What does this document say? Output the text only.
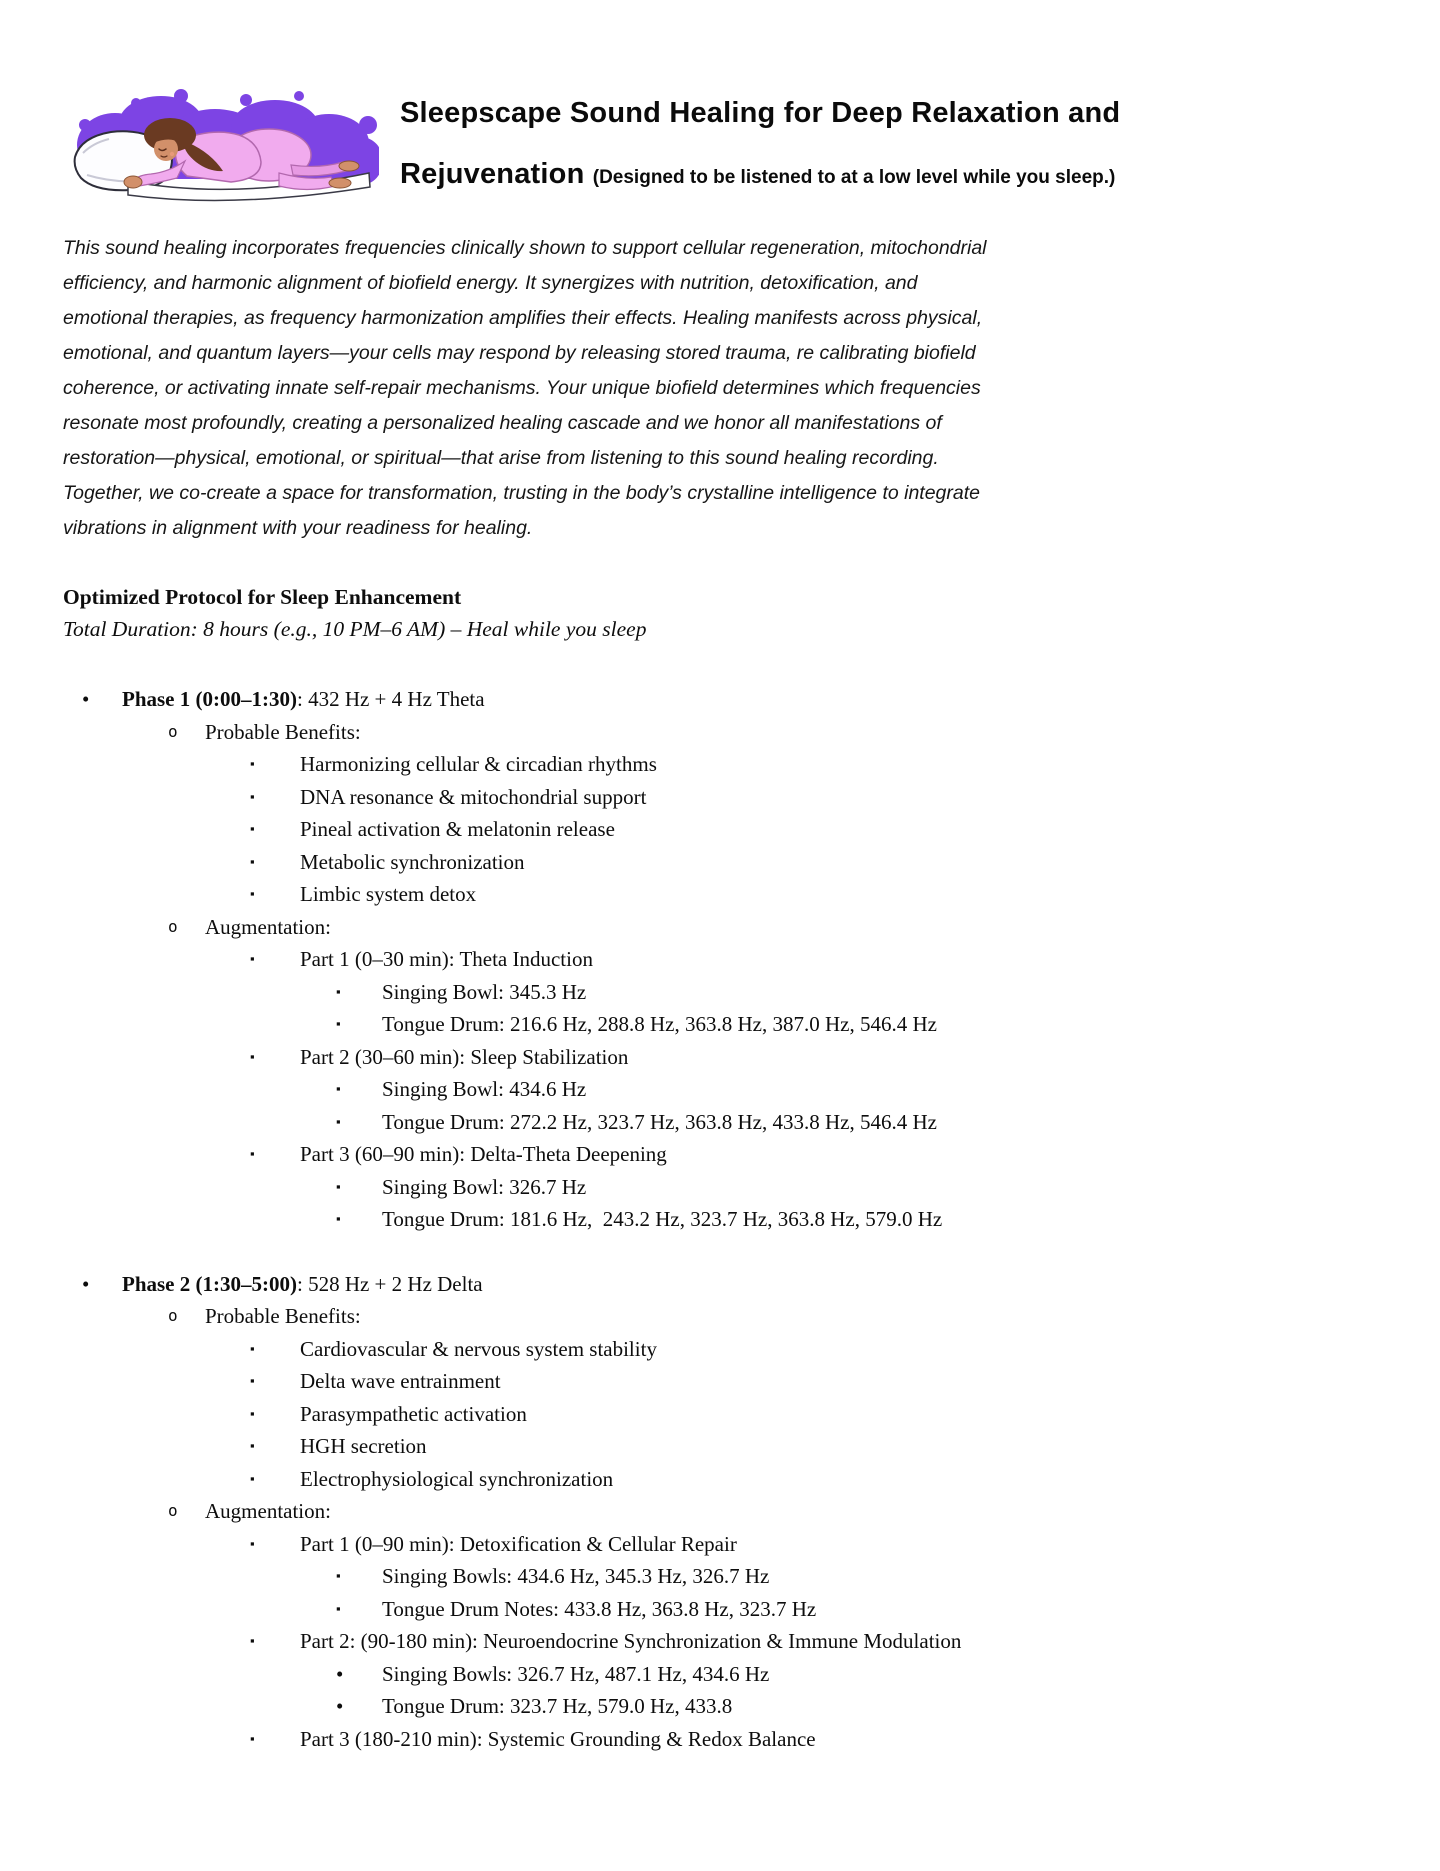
Sleepscape Sound Healing for Deep Relaxation and
Rejuvenation (Designed to be listened to at a low level while you sleep.)
This sound healing incorporates frequencies clinically shown to support cellular regeneration, mitochondrial
efficiency, and harmonic alignment of biofield energy. It synergizes with nutrition, detoxification, and
emotional therapies, as frequency harmonization amplifies their effects. Healing manifests across physical,
emotional, and quantum layers—your cells may respond by releasing stored trauma, re calibrating biofield
coherence, or activating innate self-repair mechanisms. Your unique biofield determines which frequencies
resonate most profoundly, creating a personalized healing cascade and we honor all manifestations of
restoration—physical, emotional, or spiritual—that arise from listening to this sound healing recording.
Together, we co-create a space for transformation, trusting in the body’s crystalline intelligence to integrate
vibrations in alignment with your readiness for healing.
Optimized Protocol for Sleep Enhancement
Total Duration: 8 hours (e.g., 10 PM–6 AM) – Heal while you sleep
• Phase 1 (0:00–1:30): 432 Hz + 4 Hz Theta
o Probable Benefits:
▪ Harmonizing cellular & circadian rhythms
▪ DNA resonance & mitochondrial support
▪ Pineal activation & melatonin release
▪ Metabolic synchronization
▪ Limbic system detox
o Augmentation:
▪ Part 1 (0–30 min): Theta Induction
▪ Singing Bowl: 345.3 Hz
▪ Tongue Drum: 216.6 Hz, 288.8 Hz, 363.8 Hz, 387.0 Hz, 546.4 Hz
▪ Part 2 (30–60 min): Sleep Stabilization
▪ Singing Bowl: 434.6 Hz
▪ Tongue Drum: 272.2 Hz, 323.7 Hz, 363.8 Hz, 433.8 Hz, 546.4 Hz
▪ Part 3 (60–90 min): Delta-Theta Deepening
▪ Singing Bowl: 326.7 Hz
▪ Tongue Drum: 181.6 Hz,  243.2 Hz, 323.7 Hz, 363.8 Hz, 579.0 Hz
• Phase 2 (1:30–5:00): 528 Hz + 2 Hz Delta
o Probable Benefits:
▪ Cardiovascular & nervous system stability
▪ Delta wave entrainment
▪ Parasympathetic activation
▪ HGH secretion
▪ Electrophysiological synchronization
o Augmentation:
▪ Part 1 (0–90 min): Detoxification & Cellular Repair
▪ Singing Bowls: 434.6 Hz, 345.3 Hz, 326.7 Hz
▪ Tongue Drum Notes: 433.8 Hz, 363.8 Hz, 323.7 Hz
▪ Part 2: (90-180 min): Neuroendocrine Synchronization & Immune Modulation
• Singing Bowls: 326.7 Hz, 487.1 Hz, 434.6 Hz
• Tongue Drum: 323.7 Hz, 579.0 Hz, 433.8
▪ Part 3 (180-210 min): Systemic Grounding & Redox Balance
